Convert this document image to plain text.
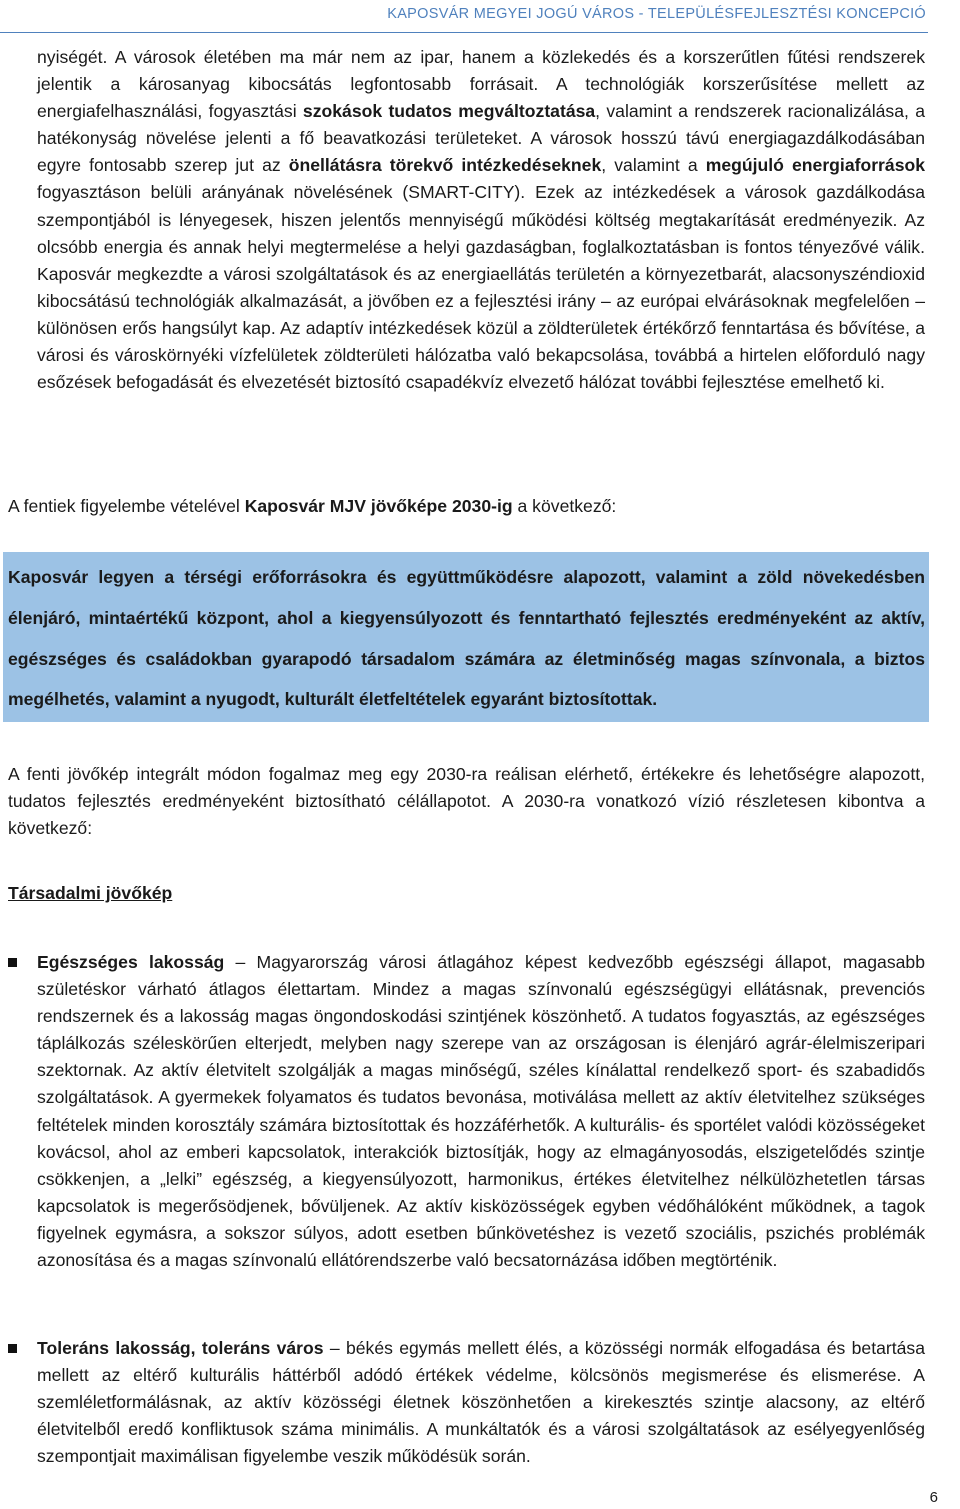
KAPOSVÁR MEGYEI JOGÚ VÁROS - TELEPÜLÉSFEJLESZTÉSI KONCEPCIÓ

nyiségét. A városok életében ma már nem az ipar, hanem a közlekedés és a korszerűtlen fűtési rendszerek jelentik a károsanyag kibocsátás legfontosabb forrásait. A technológiák korszerűsítése mellett az energiafelhasználási, fogyasztási szokások tudatos megváltoztatása, valamint a rendszerek racionalizálása, a hatékonyság növelése jelenti a fő beavatkozási területeket. A városok hosszú távú energiagazdálkodásában egyre fontosabb szerep jut az önellátásra törekvő intézkedéseknek, valamint a megújuló energiaforrások fogyasztáson belüli arányának növelésének (SMART-CITY). Ezek az intézkedések a városok gazdálkodása szempontjából is lényegesek, hiszen jelentős mennyiségű működési költség megtakarítását eredményezik. Az olcsóbb energia és annak helyi megtermelése a helyi gazdaságban, foglalkoztatásban is fontos tényezővé válik. Kaposvár megkezdte a városi szolgáltatások és az energiaellátás területén a környezetbarát, alacsonyszéndioxid kibocsátású technológiák alkalmazását, a jövőben ez a fejlesztési irány – az európai elvárásoknak megfelelően – különösen erős hangsúlyt kap. Az adaptív intézkedések közül a zöldterületek értékőrző fenntartása és bővítése, a városi és városkörnyéki vízfelületek zöldterületi hálózatba való bekapcsolása, továbbá a hirtelen előforduló nagy esőzések befogadását és elvezetését biztosító csapadékvíz elvezető hálózat további fejlesztése emelhető ki.

A fentiek figyelembe vételével Kaposvár MJV jövőképe 2030-ig a következő:

Kaposvár legyen a térségi erőforrásokra és együttműködésre alapozott, valamint a zöld növekedésben élenjáró, mintaértékű központ, ahol a kiegyensúlyozott és fenntartható fejlesztés eredményeként az aktív, egészséges és családokban gyarapodó társadalom számára az életminőség magas színvonala, a biztos megélhetés, valamint a nyugodt, kulturált életfeltételek egyaránt biztosítottak.

A fenti jövőkép integrált módon fogalmaz meg egy 2030-ra reálisan elérhető, értékekre és lehetőségre alapozott, tudatos fejlesztés eredményeként biztosítható célállapotot. A 2030-ra vonatkozó vízió részletesen kibontva a következő:

Társadalmi jövőkép

Egészséges lakosság – Magyarország városi átlagához képest kedvezőbb egészségi állapot, magasabb születéskor várható átlagos élettartam. Mindez a magas színvonalú egészségügyi ellátásnak, prevenciós rendszernek és a lakosság magas öngondoskodási szintjének köszönhető. A tudatos fogyasztás, az egészséges táplálkozás széleskörűen elterjedt, melyben nagy szerepe van az országosan is élenjáró agrár-élelmiszeripari szektornak. Az aktív életvitelt szolgálják a magas minőségű, széles kínálattal rendelkező sport- és szabadidős szolgáltatások. A gyermekek folyamatos és tudatos bevonása, motiválása mellett az aktív életvitelhez szükséges feltételek minden korosztály számára biztosítottak és hozzáférhetők. A kulturális- és sportélet valódi közösségeket kovácsol, ahol az emberi kapcsolatok, interakciók biztosítják, hogy az elmagányosodás, elszigetelődés szintje csökkenjen, a „lelki” egészség, a kiegyensúlyozott, harmonikus, értékes életvitelhez nélkülözhetetlen társas kapcsolatok is megerősödjenek, bővüljenek. Az aktív kisközösségek egyben védőhálóként működnek, a tagok figyelnek egymásra, a sokszor súlyos, adott esetben bűnkövetéshez is vezető szociális, pszichés problémák azonosítása és a magas színvonalú ellátórendszerbe való becsatornázása időben megtörténik.

Toleráns lakosság, toleráns város – békés egymás mellett élés, a közösségi normák elfogadása és betartása mellett az eltérő kulturális háttérből adódó értékek védelme, kölcsönös megismerése és elismerése. A szemléletformálásnak, az aktív közösségi életnek köszönhetően a kirekesztés szintje alacsony, az eltérő életvitelből eredő konfliktusok száma minimális. A munkáltatók és a városi szolgáltatások az esélyegyenlőség szempontjait maximálisan figyelembe veszik működésük során.

6
